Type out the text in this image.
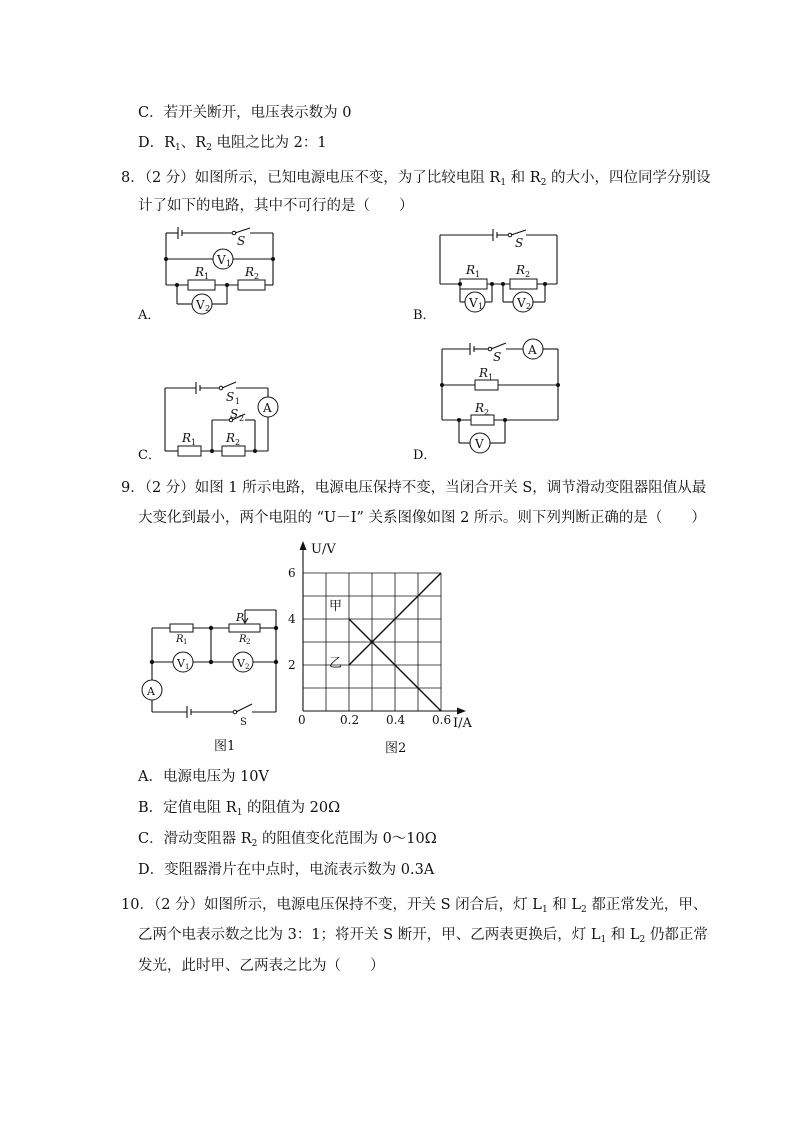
C．若开关断开，电压表示数为 0
D．$R_1$、$R_2$ 电阻之比为 2：1
8．（2 分）如图所示，已知电源电压不变，为了比较电阻 $R_1$ 和 $R_2$ 的大小，四位同学分别设
计了如下的电路，其中不可行的是（　　）
S
V 1
R 1	R 2
V 2
A．
S
R 1	R 2
V 1	V 2
B．
S 1
S 2
A
R 1 R 2
C．
S A
R 1
R 2
V
D．
9．（2 分）如图 1 所示电路，电源电压保持不变，当闭合开关 S，调节滑动变阻器阻值从最
大变化到最小，两个电阻的 “U－I” 关系图像如图 2 所示。则下列判断正确的是（　　）
P
R 1	R 2
V 1	V 2
A
S
图1
0.2 0.4 0.6
2
4
6
U/V
I/A
0
甲
乙
图2
A．电源电压为 10V
B．定值电阻 $R_1$ 的阻值为 20Ω
C．滑动变阻器 $R_2$ 的阻值变化范围为 0～10Ω
D．变阻器滑片在中点时，电流表示数为 0.3A
10．（2 分）如图所示，电源电压保持不变，开关 S 闭合后，灯 $L_1$ 和 $L_2$ 都正常发光，甲、
乙两个电表示数之比为 3：1；将开关 S 断开，甲、乙两表更换后，灯 $L_1$ 和 $L_2$ 仍都正常
发光，此时甲、乙两表之比为（　　）
